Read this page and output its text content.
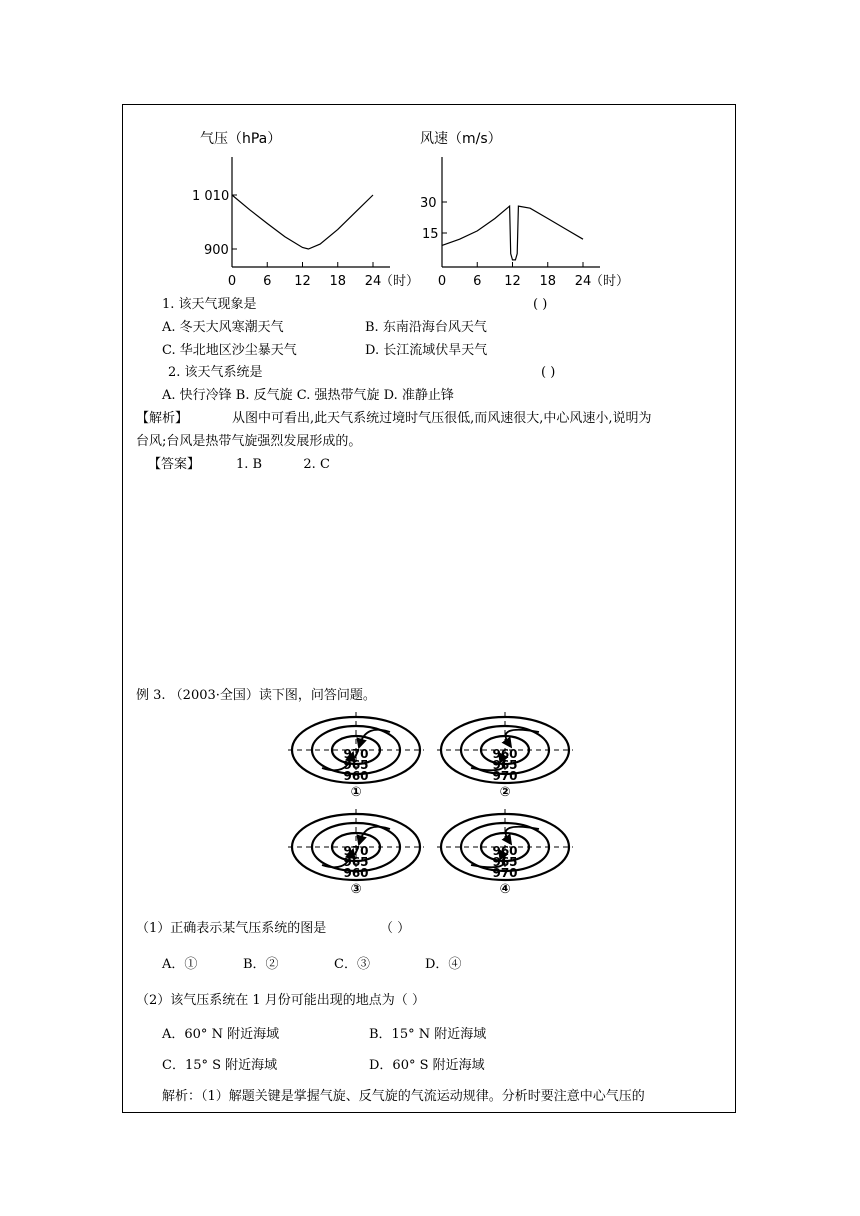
气压（hPa）
1 010
900
0 6 12 18 24
（时）
风速（m/s）
30
15
0 6 12 18 24
（时）
1. 该天气现象是	( )
A. 冬天大风寒潮天气	B. 东南沿海台风天气
C. 华北地区沙尘暴天气	D. 长江流域伏旱天气
2. 该天气系统是	( )
A. 快行冷锋 B. 反气旋 C. 强热带气旋 D. 准静止锋
【解析】	从图中可看出,此天气系统过境时气压很低,而风速很大,中心风速小,说明为
台风;台风是热带气旋强烈发展形成的。
【答案】	1. B          2. C
例 3. （2003·全国）读下图，问答问题。
970
965
960
①
960
965
970
②
970
965
960
③
960
965
970
④
（1）正确表示某气压系统的图是	（ ）
A．①	B．②	C．③	D．④
（2）该气压系统在 1 月份可能出现的地点为（ ）
A．60° N 附近海域	B．15° N 附近海域
C．15° S 附近海域	D．60° S 附近海域
解析：（1）解题关键是掌握气旋、反气旋的气流运动规律。分析时要注意中心气压的
